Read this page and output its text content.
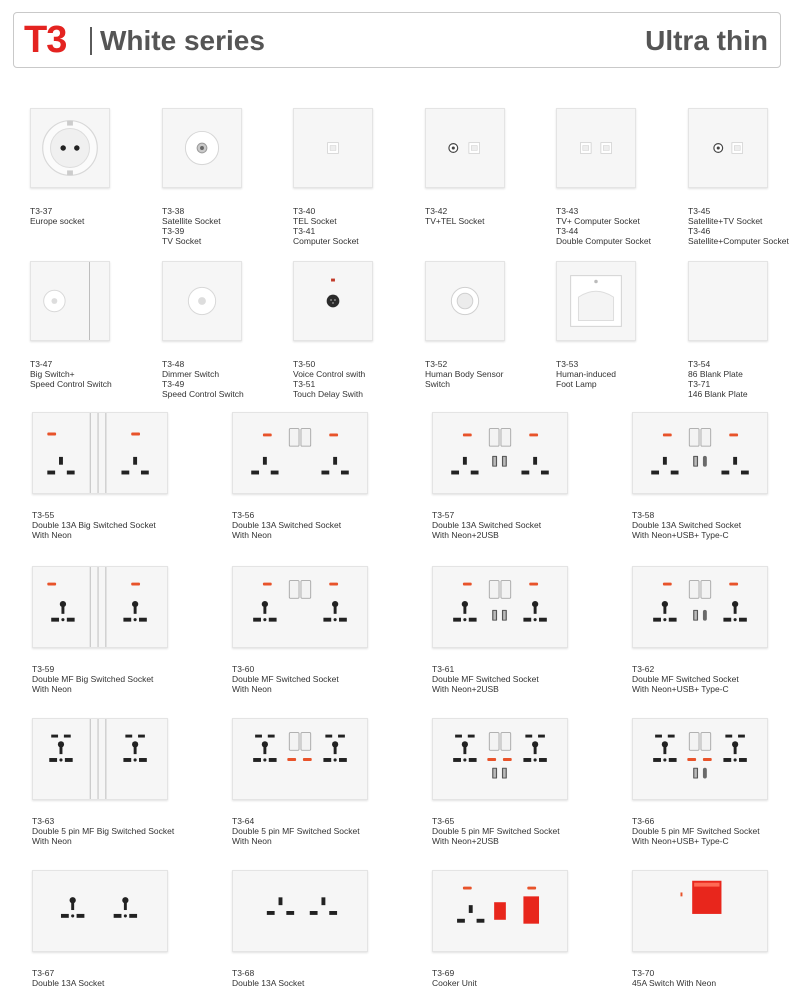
T3 White series	Ultra thin
T3-37
Europe socket
T3-38
Satellite Socket
T3-39
TV Socket
T3-40
TEL Socket
T3-41
Computer Socket
T3-42
TV+TEL Socket
T3-43
TV+ Computer Socket
T3-44
Double Computer Socket
T3-45
Satellite+TV Socket
T3-46
Satellite+Computer Socket
T3-47
Big Switch+
Speed Control Switch
T3-48
Dimmer Switch
T3-49
Speed Control Switch
T3-50
Voice Control swith
T3-51
Touch Delay Swith
T3-52
Human Body Sensor
Switch
T3-53
Human-induced
Foot Lamp
T3-54
86 Blank Plate
T3-71
146 Blank Plate
T3-55
Double 13A Big Switched Socket
With Neon
T3-56
Double 13A Switched Socket
With Neon
T3-57
Double 13A Switched Socket
With Neon+2USB
T3-58
Double 13A Switched Socket
With Neon+USB+ Type-C
T3-59
Double MF Big Switched Socket
With Neon
T3-60
Double MF Switched Socket
With Neon
T3-61
Double MF Switched Socket
With Neon+2USB
T3-62
Double MF Switched Socket
With Neon+USB+ Type-C
T3-63
Double 5 pin MF Big Switched Socket
With Neon
T3-64
Double 5 pin MF Switched Socket
With Neon
T3-65
Double 5 pin MF Switched Socket
With Neon+2USB
T3-66
Double 5 pin MF Switched Socket
With Neon+USB+ Type-C
T3-67
Double 13A Socket
T3-68
Double 13A Socket
T3-69
Cooker Unit
T3-70
45A Switch With Neon
